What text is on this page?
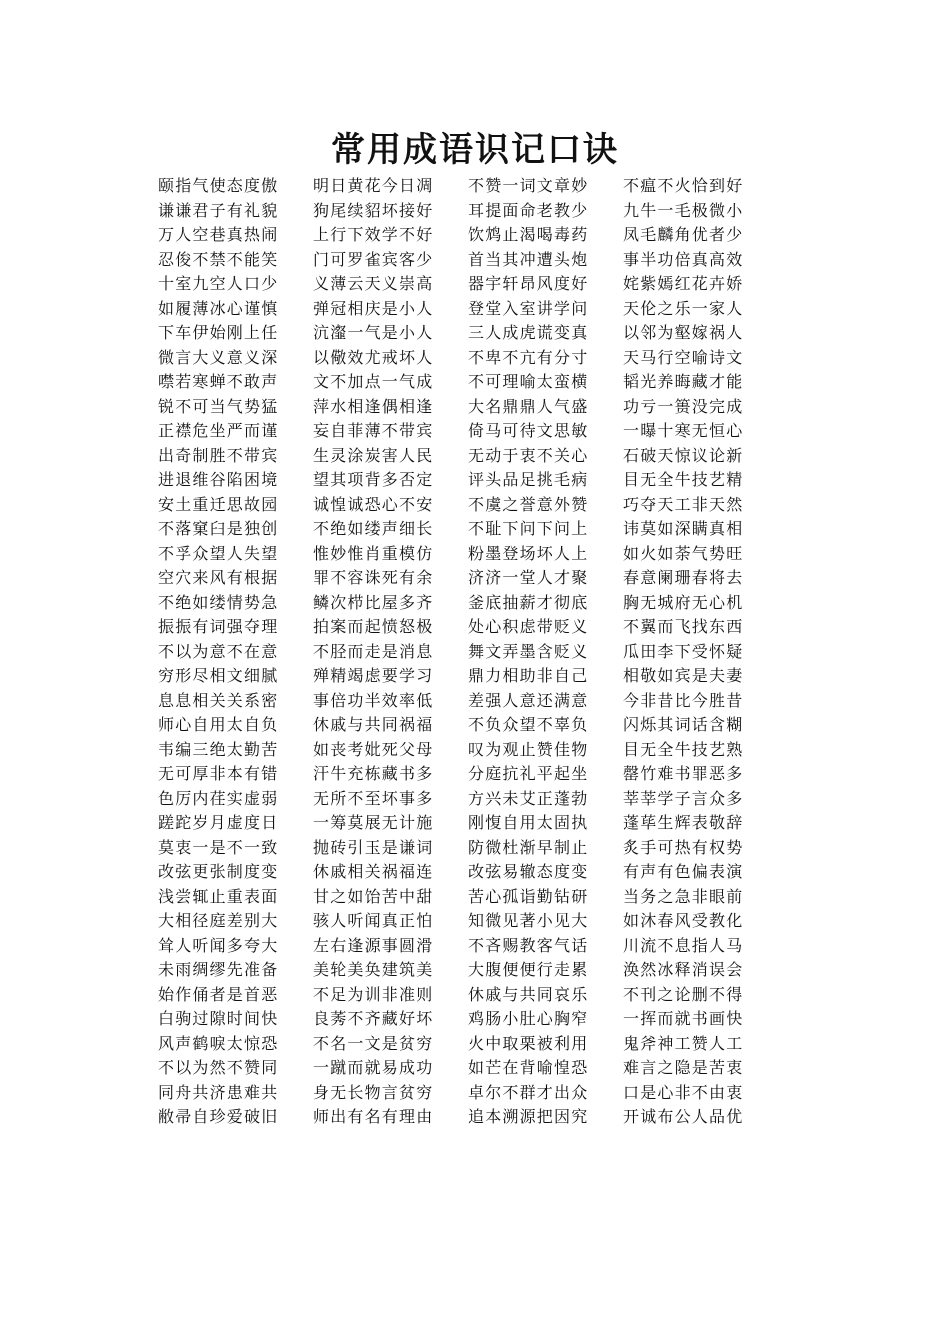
常用成语识记口诀
颐指气使态度傲
谦谦君子有礼貌
万人空巷真热闹
忍俊不禁不能笑
十室九空人口少
如履薄冰心谨慎
下车伊始刚上任
微言大义意义深
噤若寒蝉不敢声
锐不可当气势猛
正襟危坐严而谨
出奇制胜不带宾
进退维谷陷困境
安土重迁思故园
不落窠臼是独创
不孚众望人失望
空穴来风有根据
不绝如缕情势急
振振有词强夺理
不以为意不在意
穷形尽相文细腻
息息相关关系密
师心自用太自负
韦编三绝太勤苦
无可厚非本有错
色厉内荏实虚弱
蹉跎岁月虚度日
莫衷一是不一致
改弦更张制度变
浅尝辄止重表面
大相径庭差别大
耸人听闻多夸大
未雨绸缪先准备
始作俑者是首恶
白驹过隙时间快
风声鹤唳太惊恐
不以为然不赞同
同舟共济患难共
敝帚自珍爱破旧
明日黄花今日凋
狗尾续貂坏接好
上行下效学不好
门可罗雀宾客少
义薄云天义崇高
弹冠相庆是小人
沆瀣一气是小人
以儆效尤戒坏人
文不加点一气成
萍水相逢偶相逢
妄自菲薄不带宾
生灵涂炭害人民
望其项背多否定
诚惶诚恐心不安
不绝如缕声细长
惟妙惟肖重模仿
罪不容诛死有余
鳞次栉比屋多齐
拍案而起愤怒极
不胫而走是消息
殚精竭虑要学习
事倍功半效率低
休戚与共同祸福
如丧考妣死父母
汗牛充栋藏书多
无所不至坏事多
一筹莫展无计施
抛砖引玉是谦词
休戚相关祸福连
甘之如饴苦中甜
骇人听闻真正怕
左右逢源事圆滑
美轮美奂建筑美
不足为训非准则
良莠不齐藏好坏
不名一文是贫穷
一蹴而就易成功
身无长物言贫穷
师出有名有理由
不赞一词文章妙
耳提面命老教少
饮鸩止渴喝毒药
首当其冲遭头炮
器宇轩昂风度好
登堂入室讲学问
三人成虎谎变真
不卑不亢有分寸
不可理喻太蛮横
大名鼎鼎人气盛
倚马可待文思敏
无动于衷不关心
评头品足挑毛病
不虞之誉意外赞
不耻下问下问上
粉墨登场坏人上
济济一堂人才聚
釜底抽薪才彻底
处心积虑带贬义
舞文弄墨含贬义
鼎力相助非自己
差强人意还满意
不负众望不辜负
叹为观止赞佳物
分庭抗礼平起坐
方兴未艾正蓬勃
刚愎自用太固执
防微杜渐早制止
改弦易辙态度变
苦心孤诣勤钻研
知微见著小见大
不吝赐教客气话
大腹便便行走累
休戚与共同哀乐
鸡肠小肚心胸窄
火中取栗被利用
如芒在背喻惶恐
卓尔不群才出众
追本溯源把因究
不瘟不火恰到好
九牛一毛极微小
凤毛麟角优者少
事半功倍真高效
姹紫嫣红花卉娇
天伦之乐一家人
以邻为壑嫁祸人
天马行空喻诗文
韬光养晦藏才能
功亏一篑没完成
一曝十寒无恒心
石破天惊议论新
目无全牛技艺精
巧夺天工非天然
讳莫如深瞒真相
如火如荼气势旺
春意阑珊春将去
胸无城府无心机
不翼而飞找东西
瓜田李下受怀疑
相敬如宾是夫妻
今非昔比今胜昔
闪烁其词话含糊
目无全牛技艺熟
罄竹难书罪恶多
莘莘学子言众多
蓬荜生辉表敬辞
炙手可热有权势
有声有色偏表演
当务之急非眼前
如沐春风受教化
川流不息指人马
涣然冰释消误会
不刊之论删不得
一挥而就书画快
鬼斧神工赞人工
难言之隐是苦衷
口是心非不由衷
开诚布公人品优
